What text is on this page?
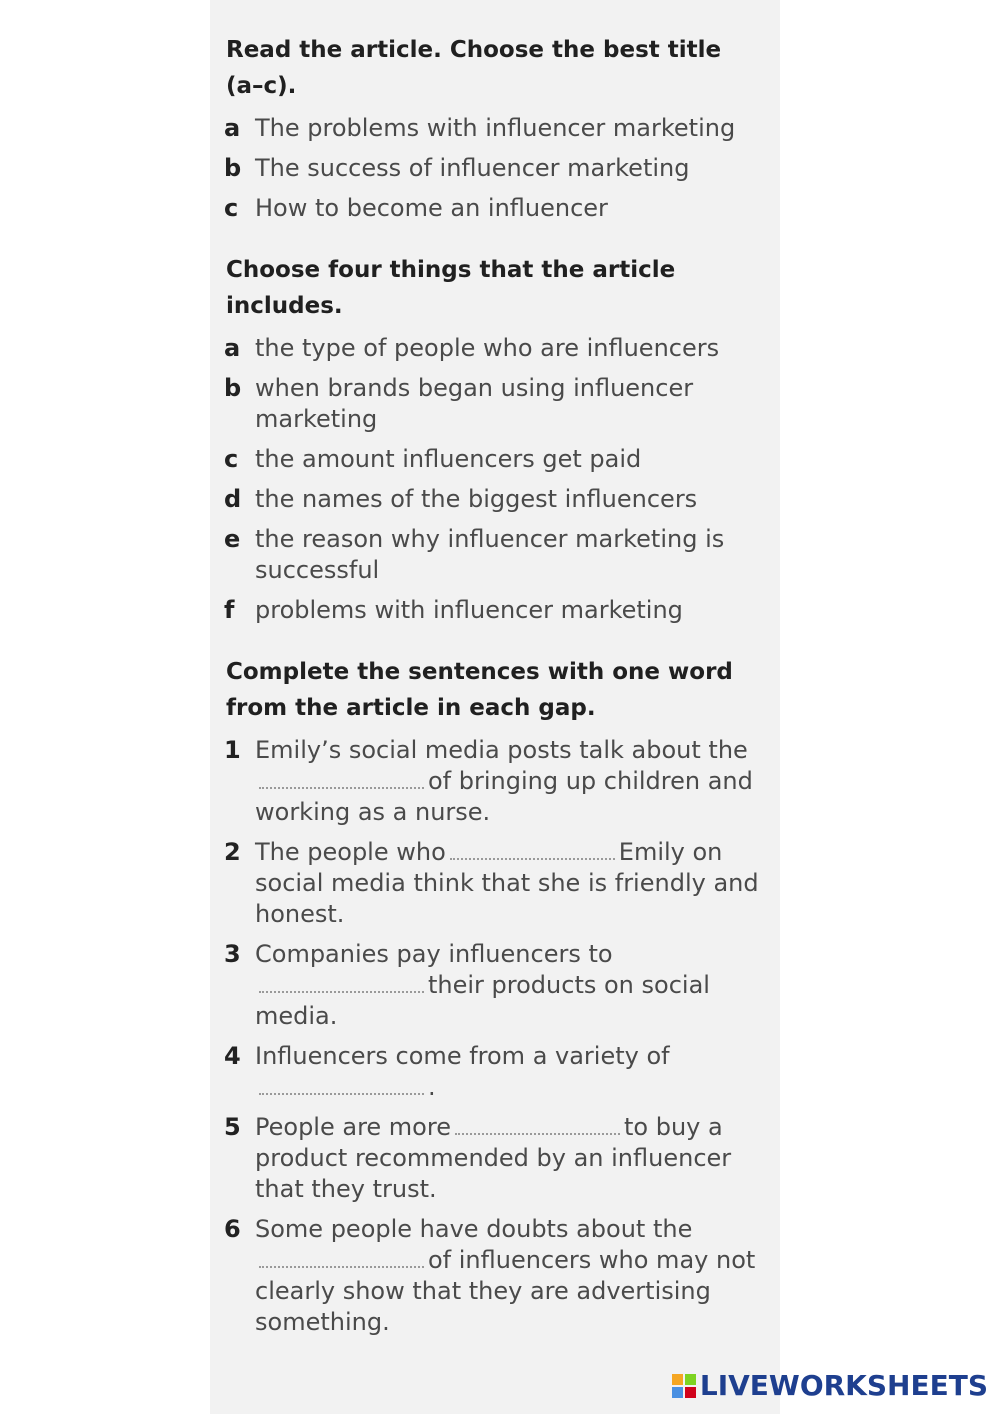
Read the article. Choose the best title (a–c).

a The problems with influencer marketing
b The success of influencer marketing
c How to become an influencer

Choose four things that the article includes.

a the type of people who are influencers
b when brands began using influencer marketing
c the amount influencers get paid
d the names of the biggest influencers
e the reason why influencer marketing is successful
f problems with influencer marketing

Complete the sentences with one word from the article in each gap.

1 Emily’s social media posts talk about theof bringing up children and working as a nurse.
2 The people who	Emily on social media think that she is friendly and honest.
3 Companies pay influencers totheir products on social media.
4 Influencers come from a variety of.
5 People are more	to buy a product recommended by an influencer that they trust.
6 Some people have doubts about theof influencers who may not clearly show that they are advertising something.
LIVEWORKSHEETS
